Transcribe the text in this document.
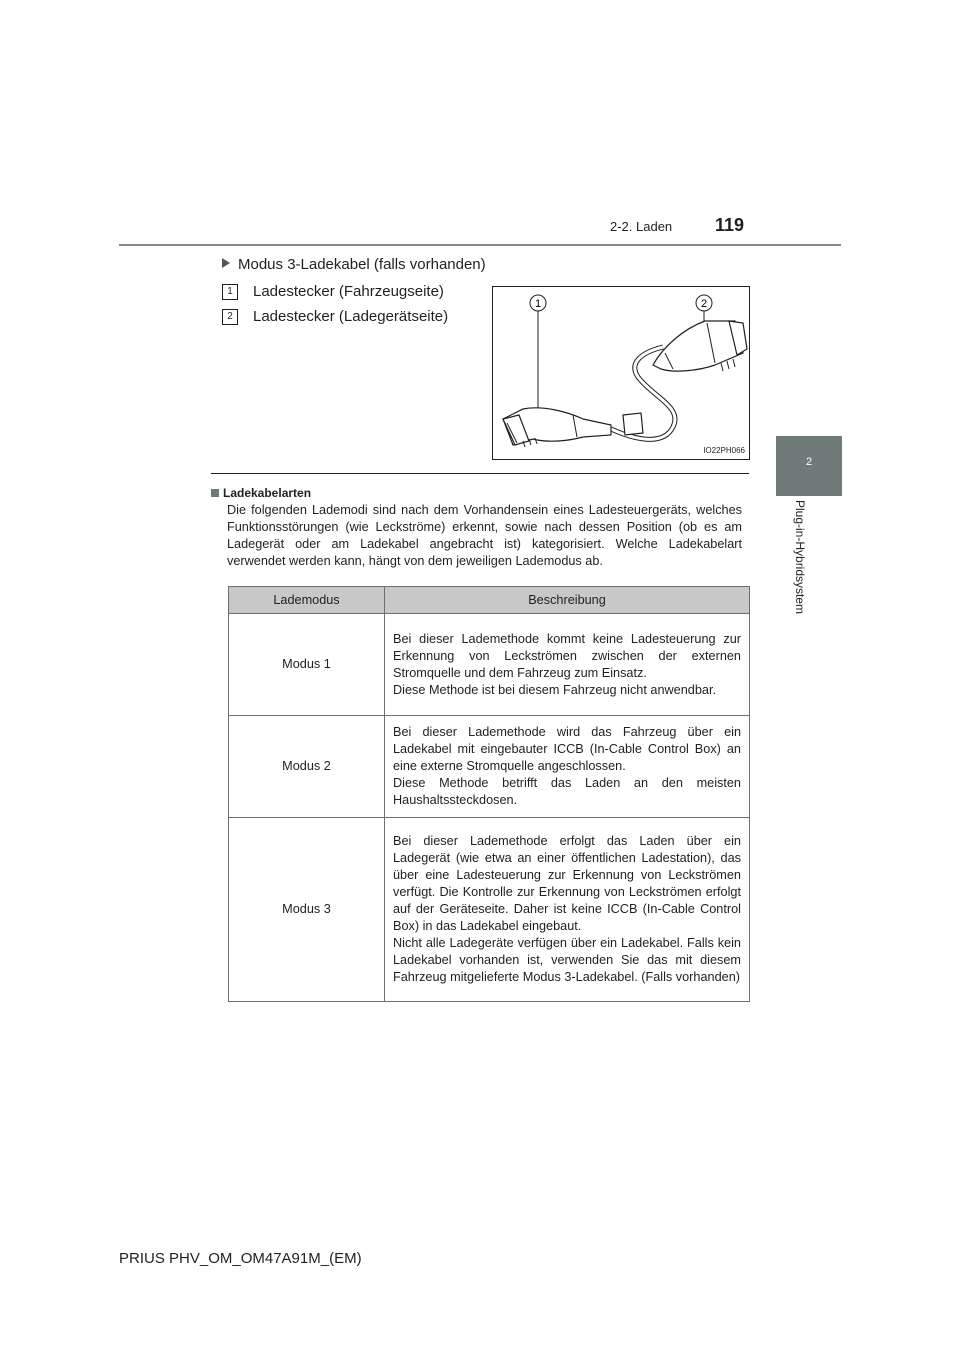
2-2. Laden 119
2
Plug-in-Hybridsystem
Modus 3-Ladekabel (falls vorhanden)
1 Ladestecker (Fahrzeugseite)
2 Ladestecker (Ladegerätseite)
1	2
IO22PH066
Ladekabelarten
Die folgenden Lademodi sind nach dem Vorhandensein eines Ladesteuergeräts, welches Funktionsstörungen (wie Leckströme) erkennt, sowie nach dessen Position (ob es am Ladegerät oder am Ladekabel angebracht ist) kategorisiert. Welche Ladekabelart verwendet werden kann, hängt von dem jeweiligen Lademodus ab.
Lademodus	Beschreibung
Modus 1	Bei dieser Lademethode kommt keine Ladesteuerung zur Erkennung von Leckströmen zwischen der externen Stromquelle und dem Fahrzeug zum Einsatz.
Diese Methode ist bei diesem Fahrzeug nicht anwendbar.

Modus 2	Bei dieser Lademethode wird das Fahrzeug über ein Ladekabel mit eingebauter ICCB (In-Cable Control Box) an eine externe Stromquelle angeschlossen.
Diese Methode betrifft das Laden an den meisten Haushaltssteckdosen.

Modus 3	Bei dieser Lademethode erfolgt das Laden über ein Ladegerät (wie etwa an einer öffentlichen Ladestation), das über eine Ladesteuerung zur Erkennung von Leckströmen verfügt. Die Kontrolle zur Erkennung von Leckströmen erfolgt auf der Geräteseite. Daher ist keine ICCB (In-Cable Control Box) in das Ladekabel eingebaut.
Nicht alle Ladegeräte verfügen über ein Ladekabel. Falls kein Ladekabel vorhanden ist, verwenden Sie das mit diesem Fahrzeug mitgelieferte Modus 3-Ladekabel. (Falls vorhanden)
PRIUS PHV_OM_OM47A91M_(EM)
